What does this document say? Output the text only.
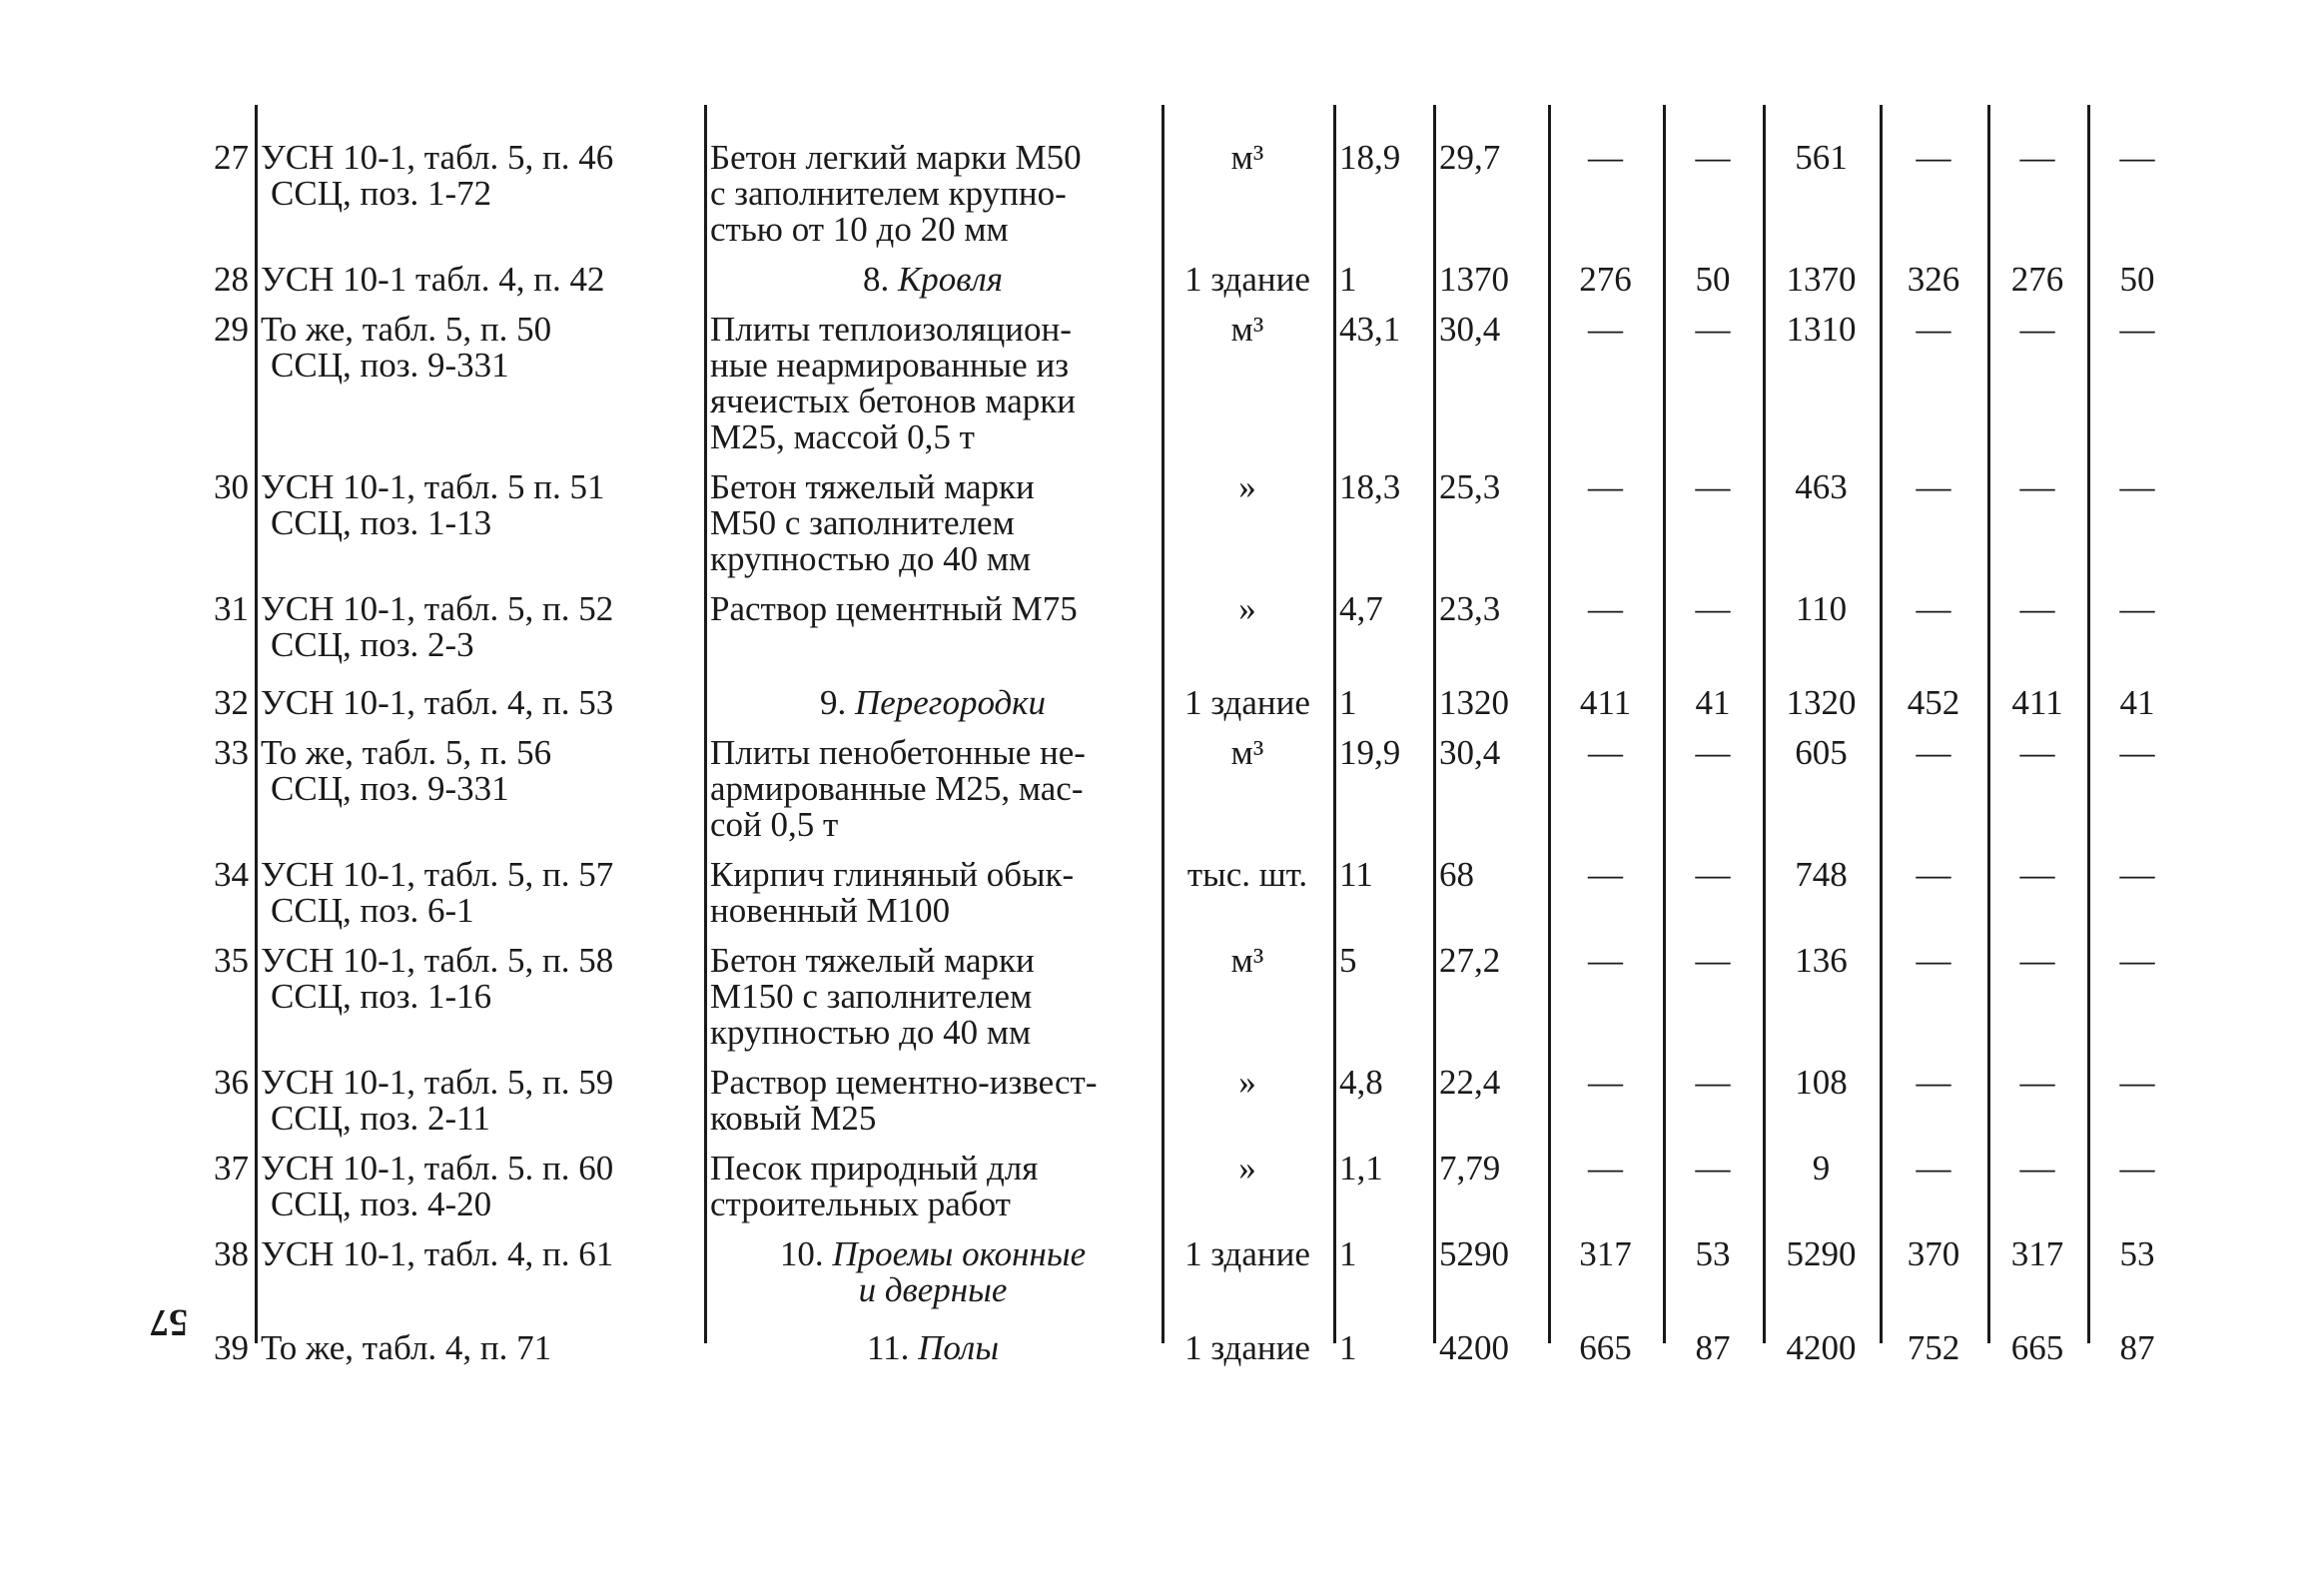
27	УСН 10-1, табл. 5, п. 46
ССЦ, поз. 1-72	Бетон легкий марки М50
с заполнителем крупно-
стью от 10 до 20 мм	м³	18,9	29,7	—	—	561	—	—	—
28	УСН 10-1 табл. 4, п. 42	8. Кровля	1 здание	1	1370	276	50	1370	326	276	50
29	То же, табл. 5, п. 50
ССЦ, поз. 9-331	Плиты теплоизоляцион-
ные неармированные из
ячеистых бетонов марки
М25, массой 0,5 т	м³	43,1	30,4	—	—	1310	—	—	—
30	УСН 10-1, табл. 5 п. 51
ССЦ, поз. 1-13	Бетон тяжелый марки
М50 с заполнителем
крупностью до 40 мм	»	18,3	25,3	—	—	463	—	—	—
31	УСН 10-1, табл. 5, п. 52
ССЦ, поз. 2-3	Раствор цементный М75	»	4,7	23,3	—	—	110	—	—	—
32	УСН 10-1, табл. 4, п. 53	9. Перегородки	1 здание	1	1320	411	41	1320	452	411	41
33	То же, табл. 5, п. 56
ССЦ, поз. 9-331	Плиты пенобетонные не-
армированные М25, мас-
сой 0,5 т	м³	19,9	30,4	—	—	605	—	—	—
34	УСН 10-1, табл. 5, п. 57
ССЦ, поз. 6-1	Кирпич глиняный обык-
новенный М100	тыс. шт.	11	68	—	—	748	—	—	—
35	УСН 10-1, табл. 5, п. 58
ССЦ, поз. 1-16	Бетон тяжелый марки
М150 с заполнителем
крупностью до 40 мм	м³	5	27,2	—	—	136	—	—	—
36	УСН 10-1, табл. 5, п. 59
ССЦ, поз. 2-11	Раствор цементно-извест-
ковый М25	»	4,8	22,4	—	—	108	—	—	—
37	УСН 10-1, табл. 5. п. 60
ССЦ, поз. 4-20	Песок природный для
строительных работ	»	1,1	7,79	—	—	9	—	—	—
38	УСН 10-1, табл. 4, п. 61	10. Проемы оконные
и дверные	1 здание	1	5290	317	53	5290	370	317	53
39	То же, табл. 4, п. 71	11. Полы	1 здание	1	4200	665	87	4200	752	665	87
57
